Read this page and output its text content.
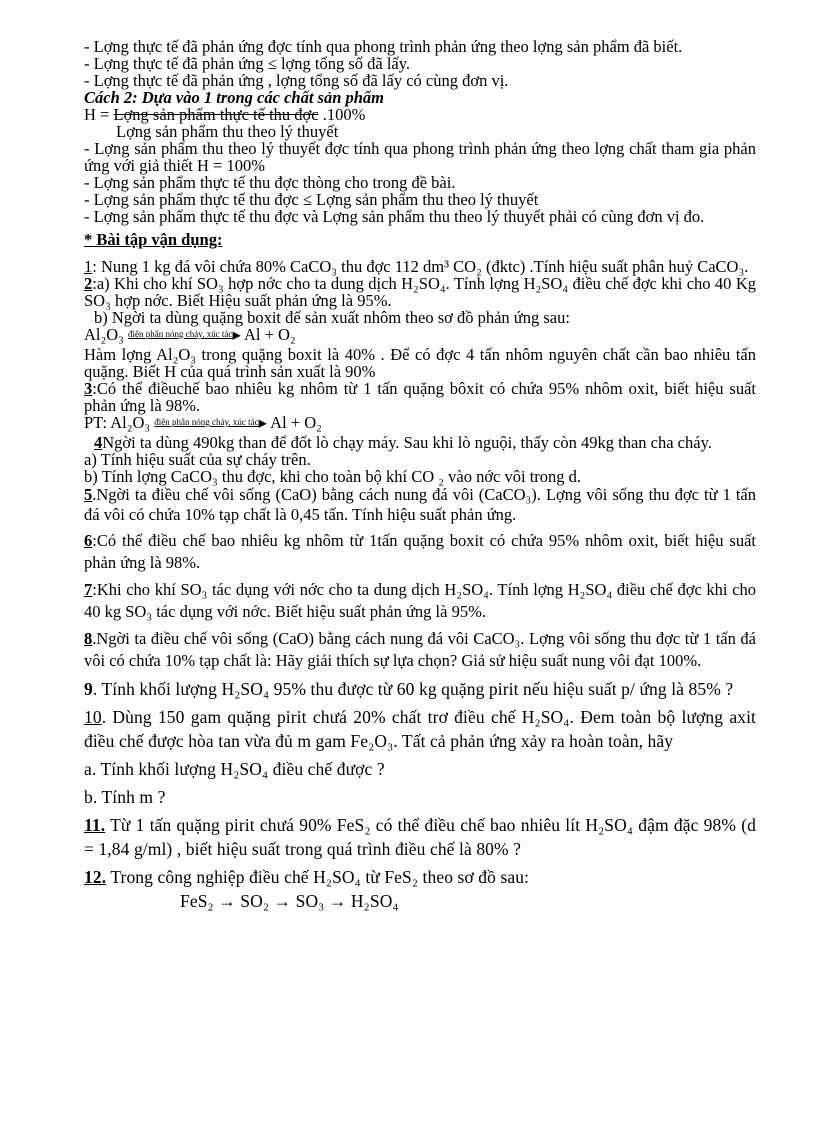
- Lợng thực tế đã phản ứng đợc tính qua phong trình phản ứng theo lợng sản phẩm đã biết.
- Lợng thực tế đã phản ứng ≤ lợng tổng số đã lấy.
- Lợng thực tế đã phản ứng , lợng tổng số đã lấy có cùng đơn vị.
Cách 2: Dựa vào 1 trong các chất sản phẩm
H = Lợng sản phẩm thực tế thu đợc .100%
Lợng sản phẩm thu theo lý thuyết
- Lợng sản phẩm thu theo lý thuyết đợc tính qua phong trình phản ứng theo lợng chất tham gia phản ứng với giả thiết H = 100%
- Lợng sản phẩm thực tế thu đợc thòng cho trong đề bài.
- Lợng sản phẩm thực tế thu đợc ≤ Lợng sản phẩm thu theo lý thuyết
- Lợng sản phẩm thực tế thu đợc và Lợng sản phẩm thu theo lý thuyết phải có cùng đơn vị đo.
* Bài tập vận dụng:
1: Nung 1 kg đá vôi chứa 80% CaCO₃ thu đợc 112 dm³ CO₂ (đktc) .Tính hiệu suất phân huỷ CaCO₃.
2:a) Khi cho khí SO₃ hợp nớc cho ta dung dịch H₂SO₄. Tính lợng H₂SO₄ điều chế đợc khi cho 40 Kg SO₃ hợp nớc. Biết Hiệu suất phản ứng là 95%.
b) Ngời ta dùng quặng boxit để sản xuất nhôm theo sơ đồ phản ứng sau:
Al₂O₃ điện phân nóng chảy, xúc tác▸ Al + O₂
Hàm lợng Al₂O₃ trong quặng boxit là 40% . Để có đợc 4 tấn nhôm nguyên chất cần bao nhiêu tấn quặng. Biết H của quá trình sản xuất là 90%
3:Có thể điềuchế bao nhiêu kg nhôm từ 1 tấn quặng bôxit có chứa 95% nhôm oxit, biết hiệu suất phản ứng là 98%.
PT: Al₂O₃ điện phân nóng chảy, xúc tác▸ Al + O₂
4Ngời ta dùng 490kg than để đốt lò chạy máy. Sau khi lò nguội, thấy còn 49kg than cha cháy.
a) Tính hiệu suất của sự cháy trên.
b) Tính lợng CaCO₃ thu đợc, khi cho toàn bộ khí CO ₂ vào nớc vôi trong d.
5.Ngời ta điều chế vôi sống (CaO) bằng cách nung đá vôi (CaCO₃). Lợng vôi sống thu đợc từ 1 tấn đá vôi có chứa 10% tạp chất là 0,45 tấn. Tính hiệu suất phản ứng.
6:Có thể điều chế bao nhiêu kg nhôm từ 1tấn quặng boxit có chứa 95% nhôm oxit, biết hiệu suất phản ứng là 98%.
7:Khi cho khí SO₃ tác dụng với nớc cho ta dung dịch H₂SO₄. Tính lợng H₂SO₄ điều chế đợc khi cho 40 kg SO₃ tác dụng với nớc. Biết hiệu suất phản ứng là 95%.
8.Ngời ta điều chế vôi sống (CaO) bằng cách nung đá vôi CaCO₃. Lợng vôi sống thu đợc từ 1 tấn đá vôi có chứa 10% tạp chất là: Hãy giải thích sự lựa chọn? Giả sử hiệu suất nung vôi đạt 100%.
9. Tính khối lượng H₂SO₄ 95% thu được từ 60 kg quặng pirit nếu hiệu suất p/ ứng là 85% ?
10. Dùng 150 gam quặng pirit chưá 20% chất trơ điều chế H₂SO₄. Đem toàn bộ lượng axit điều chế được hòa tan vừa đủ m gam Fe₂O₃. Tất cả phản ứng xảy ra hoàn toàn, hãy
a. Tính khối lượng H₂SO₄ điều chế được ?
b. Tính m ?
11. Từ 1 tấn quặng pirit chưá 90% FeS₂ có thể điều chế bao nhiêu lít H₂SO₄ đậm đặc 98% (d = 1,84 g/ml) , biết hiệu suất trong quá trình điều chế là 80% ?
12. Trong công nghiệp điều chế H₂SO₄ từ FeS₂ theo sơ đồ sau:
FeS₂ → SO₂ → SO₃ → H₂SO₄
